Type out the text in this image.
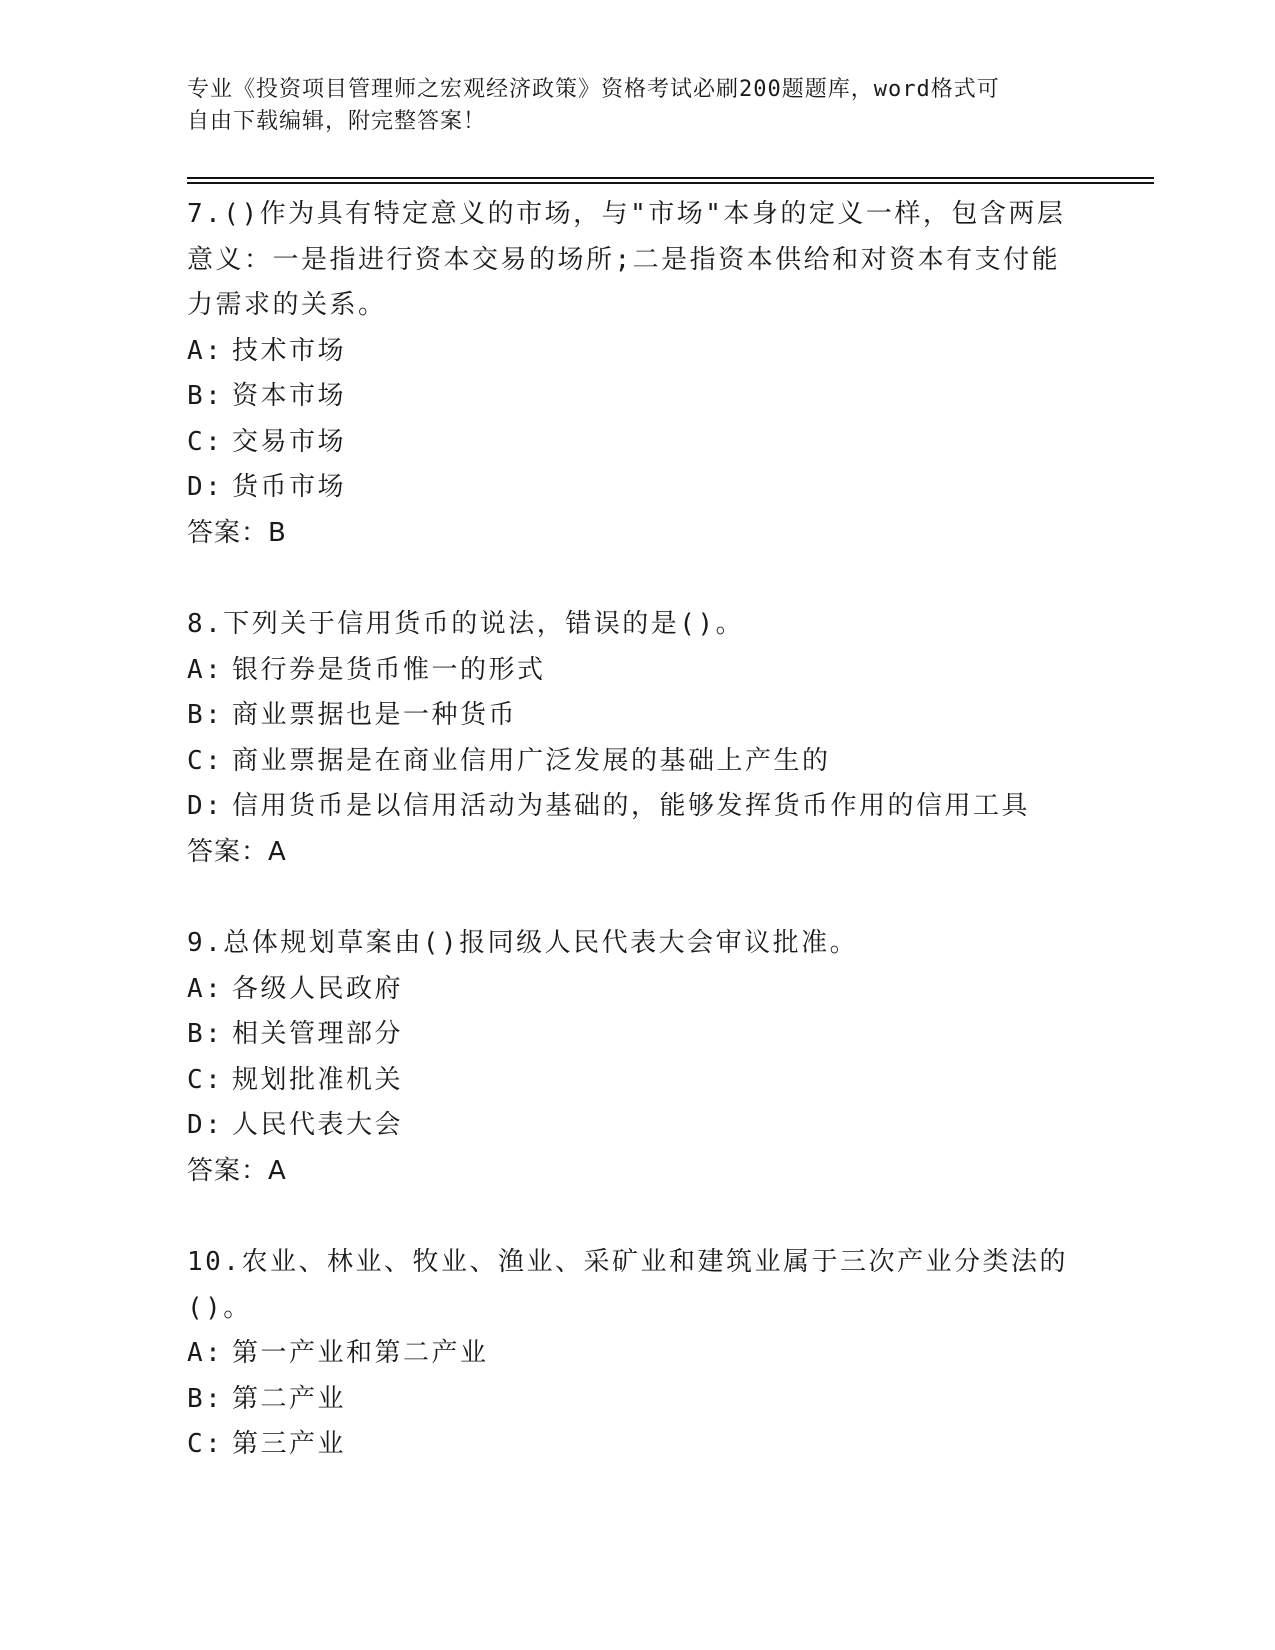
专业《投资项目管理师之宏观经济政策》资格考试必刷200题题库，word格式可
自由下载编辑，附完整答案！

7.()作为具有特定意义的市场，与"市场"本身的定义一样，包含两层

意义：一是指进行资本交易的场所;二是指资本供给和对资本有支付能

力需求的关系。

A: 技术市场

B: 资本市场

C: 交易市场

D: 货币市场

答案：B

8.下列关于信用货币的说法，错误的是()。

A: 银行券是货币惟一的形式

B: 商业票据也是一种货币

C: 商业票据是在商业信用广泛发展的基础上产生的

D: 信用货币是以信用活动为基础的，能够发挥货币作用的信用工具

答案：A

9.总体规划草案由()报同级人民代表大会审议批准。

A: 各级人民政府

B: 相关管理部分

C: 规划批准机关

D: 人民代表大会

答案：A

10.农业、林业、牧业、渔业、采矿业和建筑业属于三次产业分类法的

()。

A: 第一产业和第二产业

B: 第二产业

C: 第三产业
